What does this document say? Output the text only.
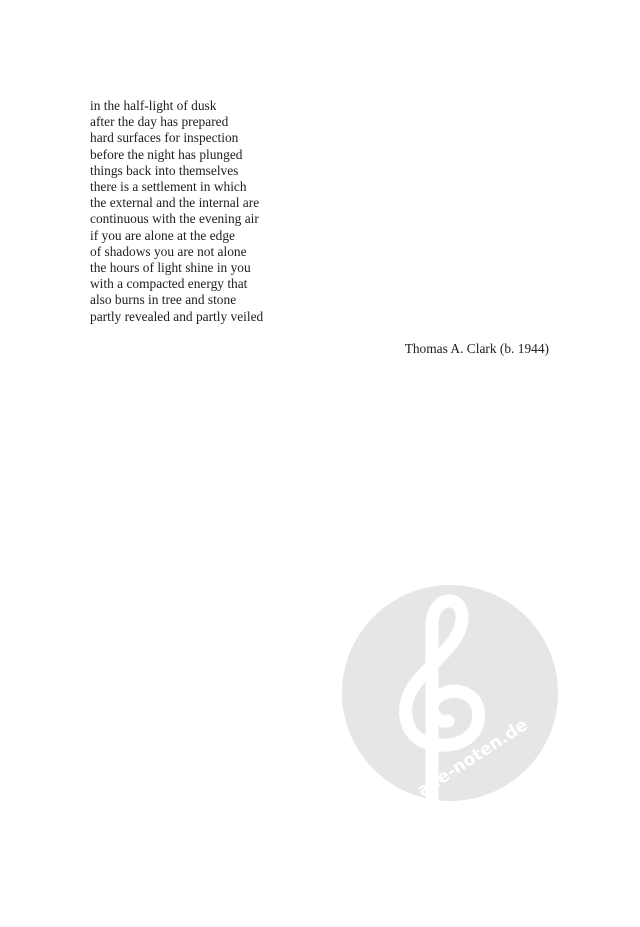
in the half-light of dusk
after the day has prepared
hard surfaces for inspection
before the night has plunged
things back into themselves
there is a settlement in which
the external and the internal are
continuous with the evening air
if you are alone at the edge
of shadows you are not alone
the hours of light shine in you
with a compacted energy that
also burns in tree and stone
partly revealed and partly veiled
Thomas A. Clark (b. 1944)
alle-noten.de
